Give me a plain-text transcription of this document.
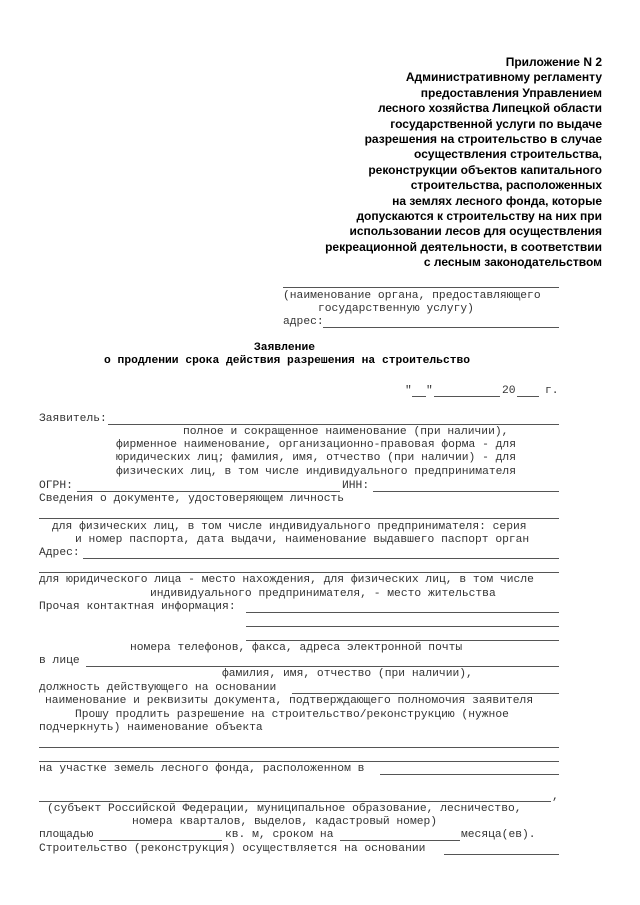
Приложение N 2
Административному регламенту
предоставления Управлением
лесного хозяйства Липецкой области
государственной услуги по выдаче
разрешения на строительство в случае
осуществления строительства,
реконструкции объектов капитального
строительства, расположенных
на землях лесного фонда, которые
допускаются к строительству на них при
использовании лесов для осуществления
рекреационной деятельности, в соответствии
с лесным законодательством
(наименование органа, предоставляющего
государственную услугу)
адрес:
Заявление
о продлении срока действия разрешения на строительство
" "	20	г.
Заявитель:
полное и сокращенное наименование (при наличии),
фирменное наименование, организационно-правовая форма - для
юридических лиц; фамилия, имя, отчество (при наличии) - для
физических лиц, в том числе индивидуального предпринимателя
ОГРН:	ИНН:
Сведения о документе, удостоверяющем личность
для физических лиц, в том числе индивидуального предпринимателя: серия
и номер паспорта, дата выдачи, наименование выдавшего паспорт орган
Адрес:
для юридического лица - место нахождения, для физических лиц, в том числе
индивидуального предпринимателя, - место жительства
Прочая контактная информация:
номера телефонов, факса, адреса электронной почты
в лице
фамилия, имя, отчество (при наличии),
должность действующего на основании
наименование и реквизиты документа, подтверждающего полномочия заявителя
Прошу продлить разрешение на строительство/реконструкцию (нужное
подчеркнуть) наименование объекта
на участке земель лесного фонда, расположенном в
,
(субъект Российской Федерации, муниципальное образование, лесничество,
номера кварталов, выделов, кадастровый номер)
площадью	кв. м, сроком на	месяца(ев).
Строительство (реконструкция) осуществляется на основании
